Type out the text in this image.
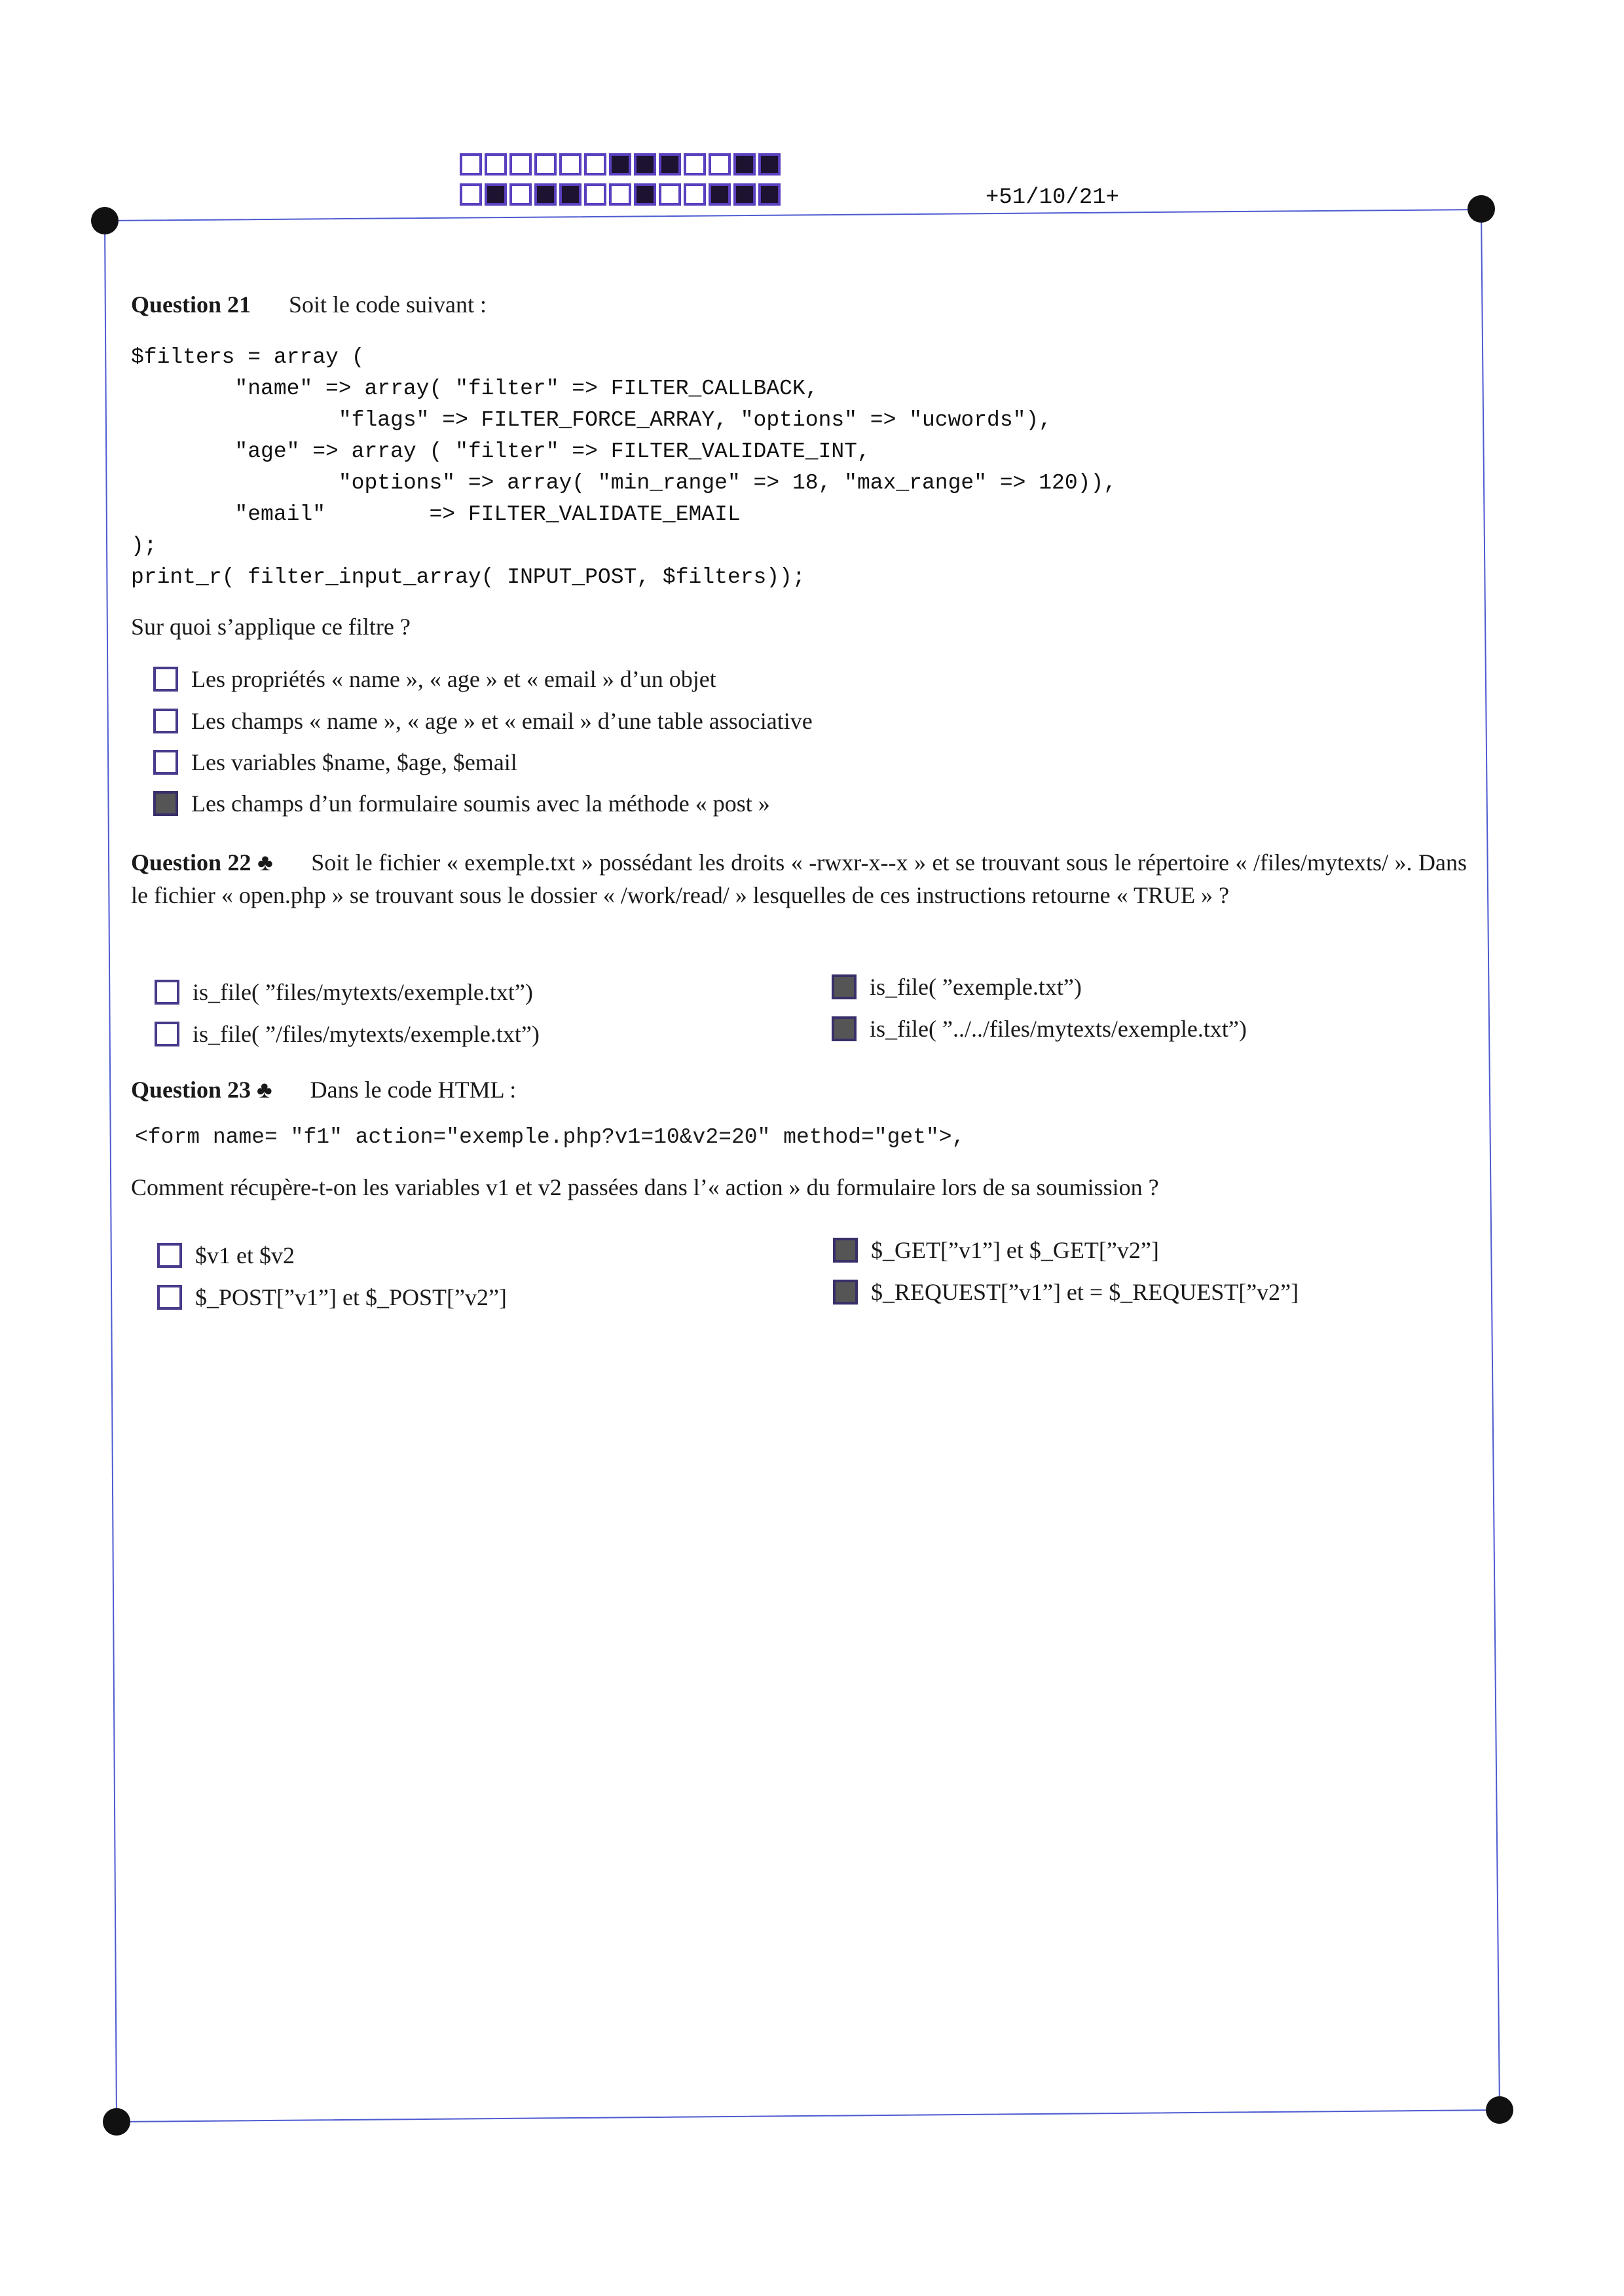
+51/10/21+
Question 21 Soit le code suivant :
$filters = array (
"name" => array( "filter" => FILTER_CALLBACK,
"flags" => FILTER_FORCE_ARRAY, "options" => "ucwords"),
"age" => array ( "filter" => FILTER_VALIDATE_INT,
"options" => array( "min_range" => 18, "max_range" => 120)),
"email"        => FILTER_VALIDATE_EMAIL
);
print_r( filter_input_array( INPUT_POST, $filters));
Sur quoi s’applique ce filtre ?
Les propriétés « name », « age » et « email » d’un objet
Les champs « name », « age » et « email » d’une table associative
Les variables $name, $age, $email
Les champs d’un formulaire soumis avec la méthode « post »
Question 22 ♣ Soit le fichier « exemple.txt » possédant les droits « -rwxr-x--x » et se trouvant sous le répertoire « /files/mytexts/ ». Dans le fichier « open.php » se trouvant sous le dossier « /work/read/ » lesquelles de ces instructions retourne « TRUE » ?
is_file( ”files/mytexts/exemple.txt”)
is_file( ”/files/mytexts/exemple.txt”)
is_file( ”exemple.txt”)
is_file( ”../../files/mytexts/exemple.txt”)
Question 23 ♣ Dans le code HTML :
<form name= "f1" action="exemple.php?v1=10&v2=20" method="get">,
Comment récupère-t-on les variables v1 et v2 passées dans l’« action » du formulaire lors de sa soumission ?
$v1 et $v2
$_POST[”v1”] et $_POST[”v2”]
$_GET[”v1”] et $_GET[”v2”]
$_REQUEST[”v1”] et = $_REQUEST[”v2”]
